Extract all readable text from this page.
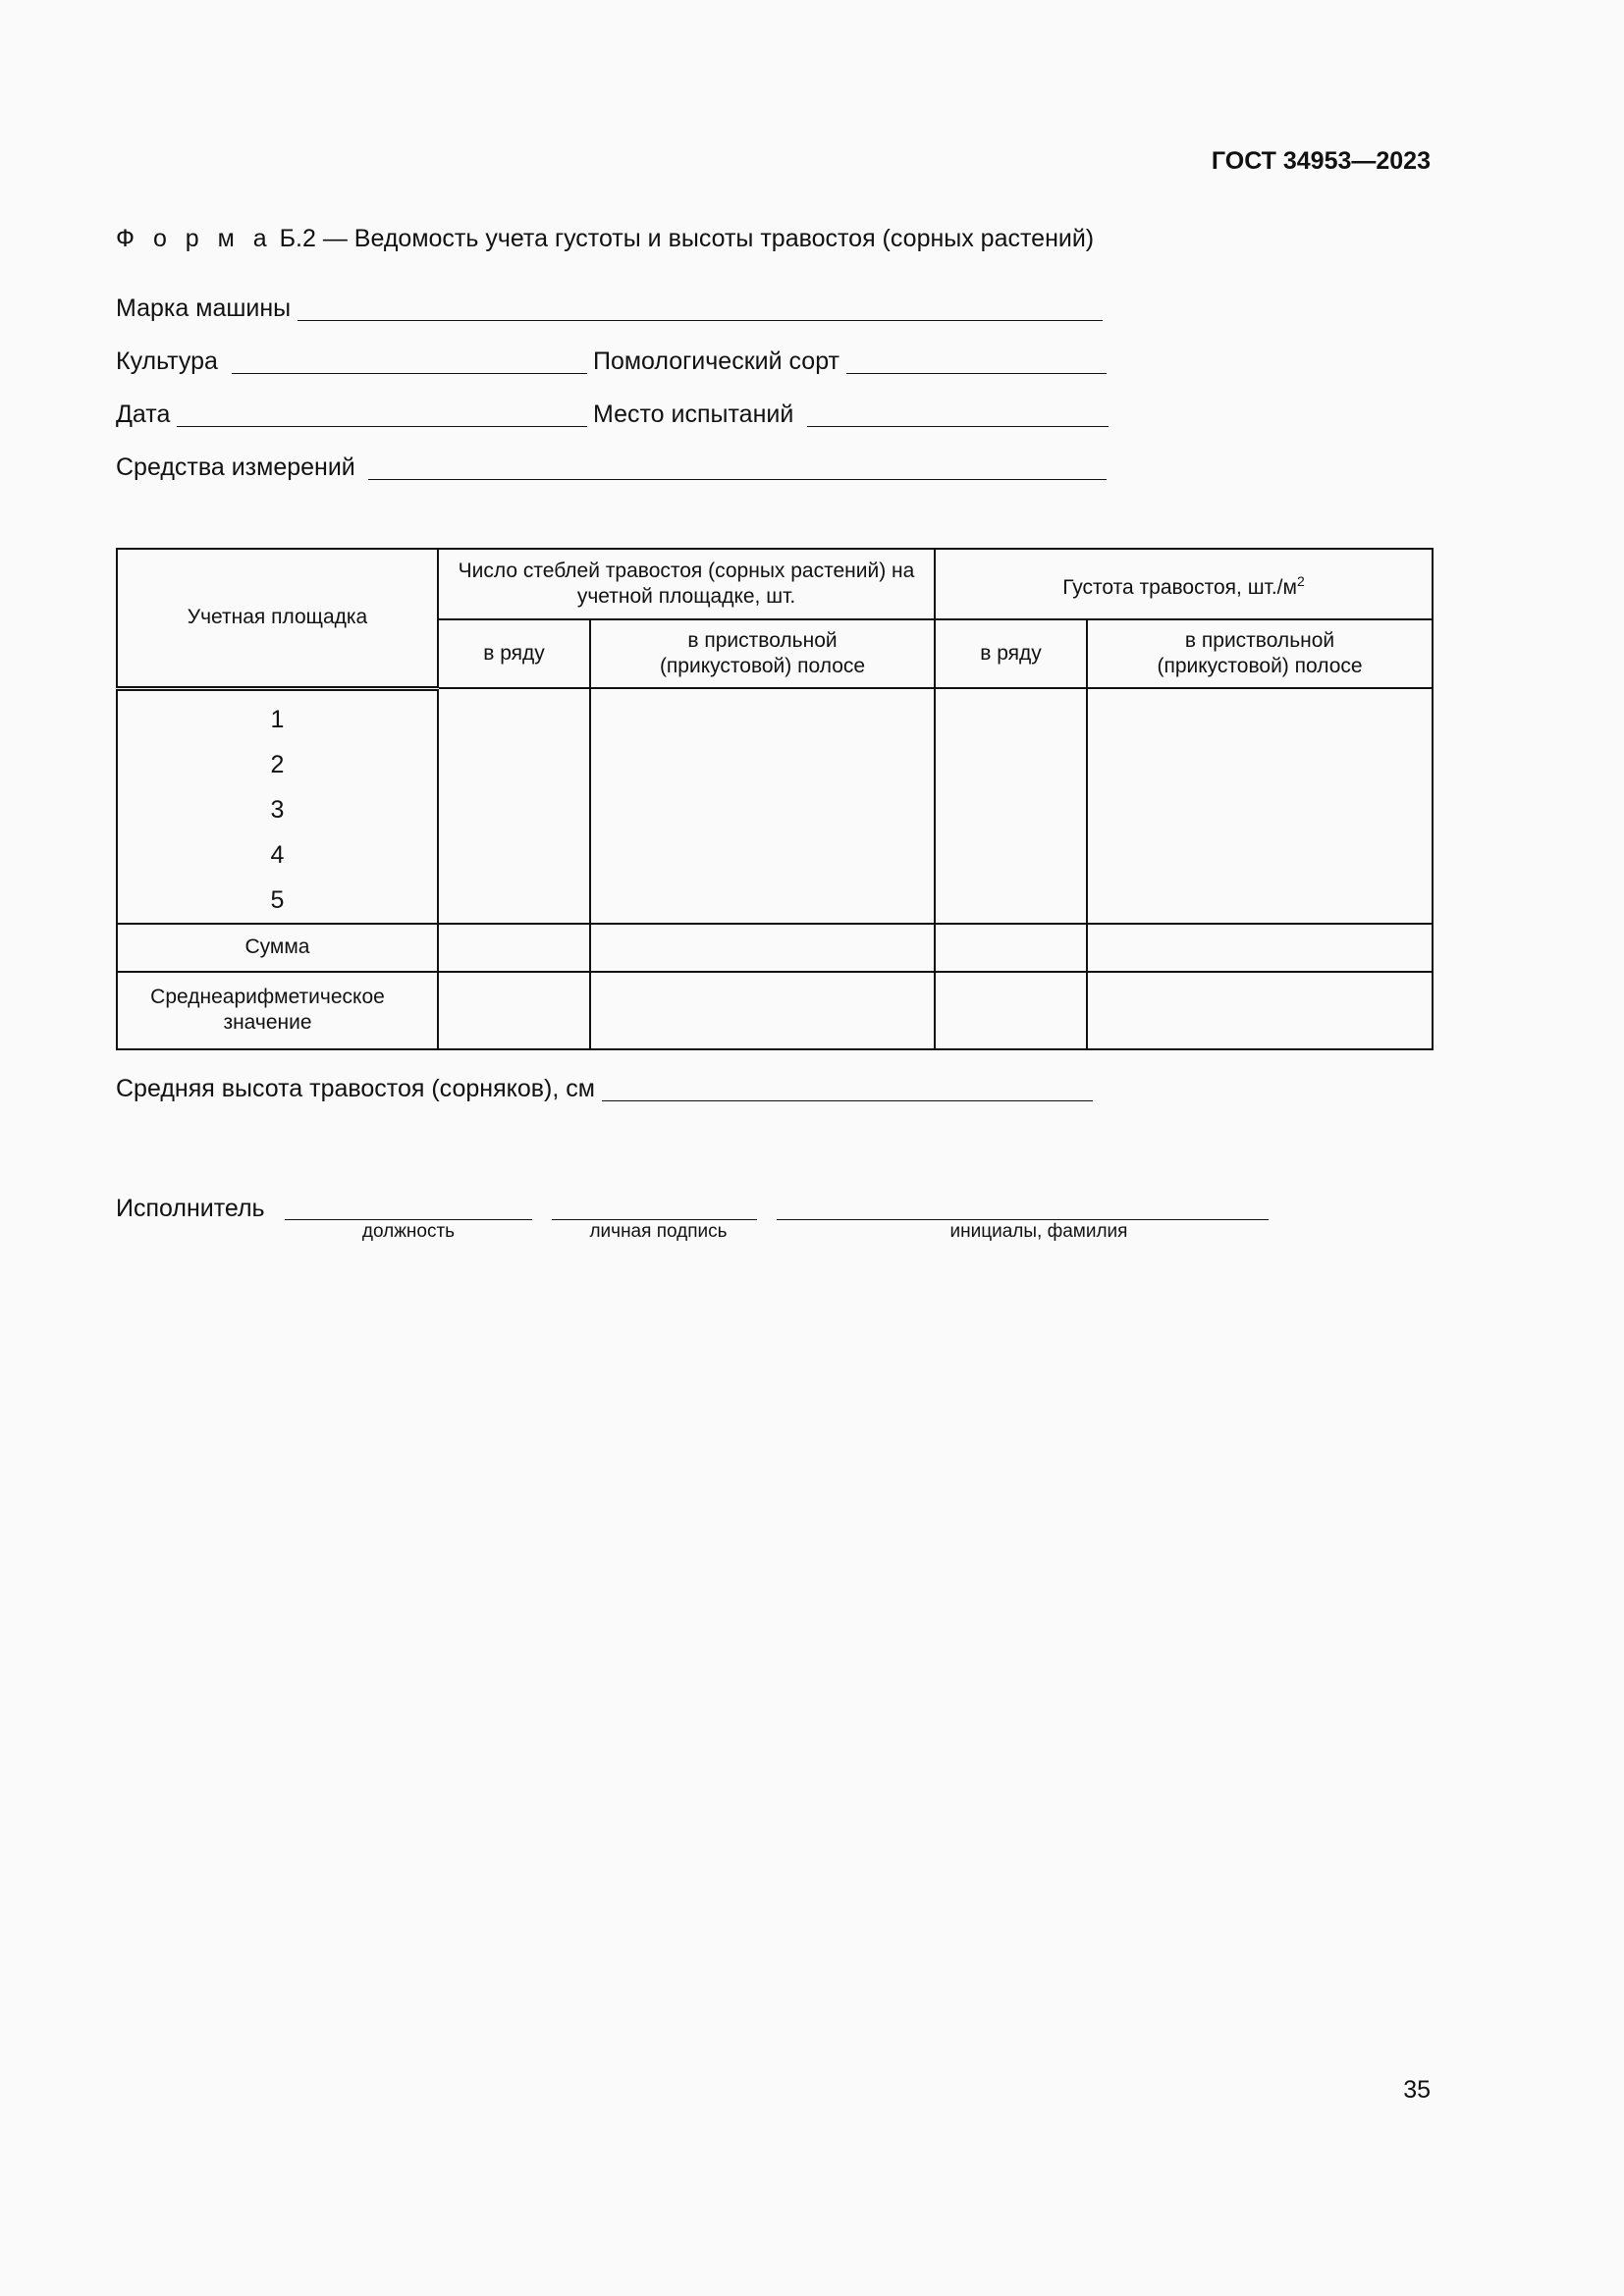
ГОСТ 34953—2023
Ф о р м а Б.2 — Ведомость учета густоты и высоты травостоя (сорных растений)
Марка машины
Культура	Помологический сорт
Дата	Место испытаний
Средства измерений
Учетная площадка	Число стеблей травостоя (сорных растений) на учетной площадке, шт.		Густота травостоя, $шт./м^2$
	в ряду	в приствольной (прикустовой) полосе	в ряду	в приствольной (прикустовой) полосе

1
2
3
4
5				

Сумма				
Среднеарифметическое значение				
Средняя высота травостоя (сорняков), см
Исполнитель
должность	личная подпись	инициалы, фамилия
35
